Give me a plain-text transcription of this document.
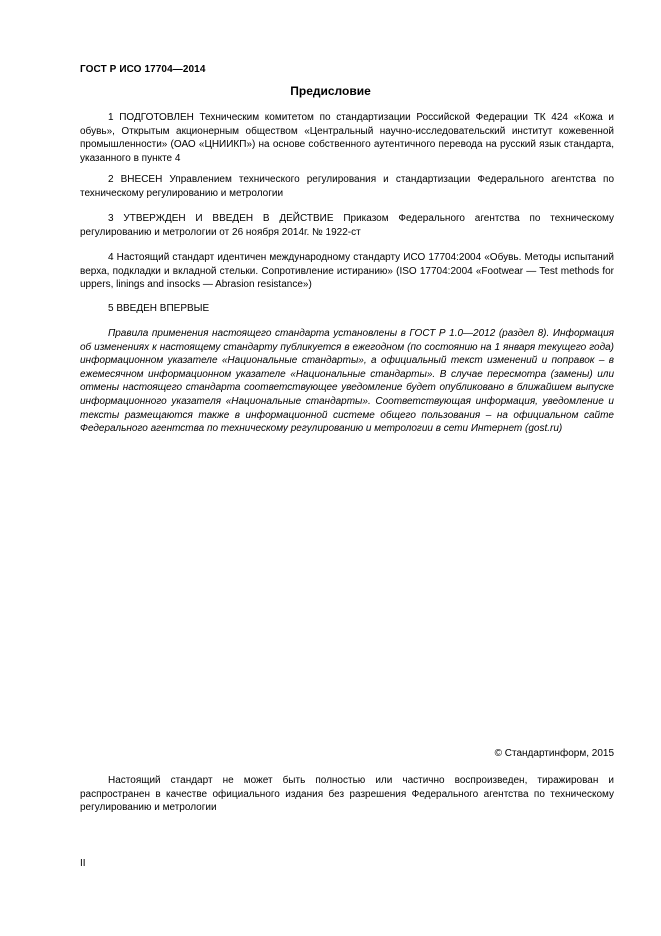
ГОСТ Р ИСО 17704—2014
Предисловие

1 ПОДГОТОВЛЕН Техническим комитетом по стандартизации Российской Федерации ТК 424 «Кожа и обувь», Открытым акционерным обществом «Центральный научно-исследовательский институт кожевенной промышленности» (ОАО «ЦНИИКП») на основе собственного аутентичного перевода на русский язык стандарта, указанного в пункте 4

2 ВНЕСЕН Управлением технического регулирования и стандартизации Федерального агентства по техническому регулированию и метрологии

3 УТВЕРЖДЕН И ВВЕДЕН В ДЕЙСТВИЕ Приказом Федерального агентства по техническому регулированию и метрологии от 26 ноября 2014г. № 1922-ст

4 Настоящий стандарт идентичен международному стандарту ИСО 17704:2004 «Обувь. Методы испытаний верха, подкладки и вкладной стельки. Сопротивление истиранию» (ISO 17704:2004 «Footwear — Test methods for uppers, linings and insocks — Abrasion resistance»)

5 ВВЕДЕН ВПЕРВЫЕ

Правила применения настоящего стандарта установлены в ГОСТ Р 1.0—2012 (раздел 8). Информация об изменениях к настоящему стандарту публикуется в ежегодном (по состоянию на 1 января текущего года) информационном указателе «Национальные стандарты», а официальный текст изменений и поправок – в ежемесячном информационном указателе «Национальные стандарты». В случае пересмотра (замены) или отмены настоящего стандарта соответствующее уведомление будет опубликовано в ближайшем выпуске информационного указателя «Национальные стандарты». Соответствующая информация, уведомление и тексты размещаются также в информационной системе общего пользования – на официальном сайте Федерального агентства по техническому регулированию и метрологии в сети Интернет (gost.ru)

© Стандартинформ, 2015

Настоящий стандарт не может быть полностью или частично воспроизведен, тиражирован и распространен в качестве официального издания без разрешения Федерального агентства по техническому регулированию и метрологии

II
